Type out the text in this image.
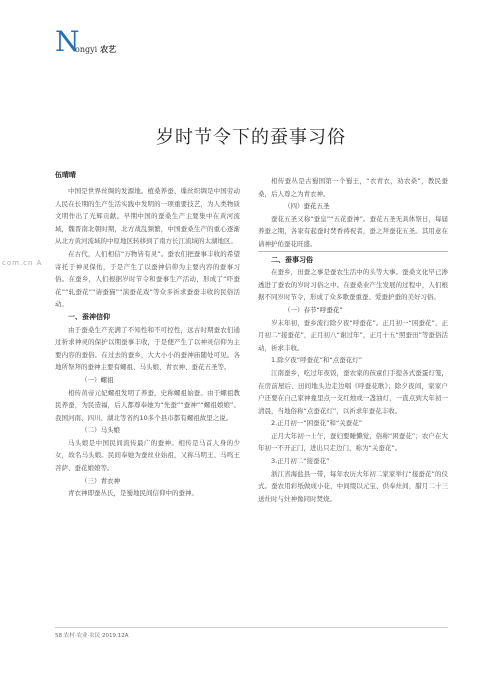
N
ongyi 农艺
岁时节令下的蚕事习俗
伍晴晴
com.cn A

中国是世界丝绸的发源地。植桑养蚕、缫丝织绸是中国劳动人民在长期的生产生活实践中发明的一项重要技艺，为人类物质文明作出了光辉贡献。早期中国的蚕桑生产主要集中在黄河流域，魏晋南北朝时期，北方战乱频繁，中国蚕桑生产的重心逐渐从北方黄河流域的中原地区转移到了南方长江流域的太湖地区。

在古代，人们相信“万物皆有灵”。蚕农们把蚕事丰收的希望寄托于神灵保佑，于是产生了以蚕神信仰为主要内容的蚕事习俗。在蚕乡，人们根据岁时节令和蚕事生产活动，形成了“吓蚕花”“轧蚕花”“请蚕猫”“演蚕花戏”等众多祈求蚕蚕丰收的民俗活动。

一、蚕神信仰

由于蚕桑生产充满了不知性和不可控性，远古时期蚕农们通过祈求神灵的保护以期蚕事丰收，于是便产生了以神灵信仰为主要内容的蚕俗。在过去的蚕乡，大大小小的蚕神庙随处可见。各地所祭拜的蚕神主要有螺祖、马头娘、青衣神、蚕花五圣等。

（一）螺祖

相传黄帝元妃螺祖发明了养蚕，史称螺祖始蚕。由于螺祖教民养蚕，为民造福，后人都尊奉她为“先蚕”“蚕神”“螺祖娘娘”。我国河南、四川、湖北等省约10多个县市都有螺祖故里之说。

（二）马头娘

马头娘是中国民间流传最广的蚕神。相传是马首人身的少女，故名马头娘。民间奉她为蚕丝业始祖，又称马明王、马鸣王菩萨、蚕花娘娘等。

（三）青衣神

青衣神即蚕丛氏，是蜀地民间信仰中的蚕神。

相传蚕丛是古蜀国第一个蜀王，“衣青衣，劝农桑”，教民蚕桑，后人尊之为青衣神。

（四）蚕花五圣

蚕花五圣又称“蚕皇”“五花蚕神”。蚕花五圣无具体祭日，每届养蚕之期，各家有起蚕时焚香祷祝者，蚕之拜蚕花五圣。其用意在请神护佑蚕花旺盛。

二、蚕事习俗

在蚕乡，田蚕之事是蚕农生活中的头等大事。蚕桑文化早已渗透进了蚕农的岁时习俗之中。在蚕桑业产生发展的过程中，人们根据不同岁时节令，形成了众多歌蚕重蚕、爱蚕护蚕的美好习俗。

（一）春节“呼蚕花”

岁末年初，蚕乡流行除夕夜“呼蚕花”。正月初一“困蚕花”，正月初二“接蚕花”，正月初八“谢过年”，正月十五“照蚕田”等蚕俗活动，祈求丰收。

1.除夕夜“呼蚕花”和“点蚕花灯”

江南蚕乡，吃过年夜饭，蚕农家的孩童们手提各式蚕蛋灯笼，在房前屋后、田间地头边走边唱《呼蚕花歌》；除夕夜间，家家户户还要在自己家神龛里点一支红烛或一盏油灯，一直点到大年初一清晨，当地俗称“点蚕花灯”，以祈求年蚕花丰收。

2.正月初一“困蚕花”和“关蚕花”

正月大年初一上午，蚕妇要睡懒觉，俗称“困蚕花”；农户在大年初一不开正门，进出只走边门，称为“关蚕花”。

3.正月初二“接蚕花”

浙江省海盐县一带，每年农历大年初二家家举行“接蚕花”的仪式。蚕农用彩纸做成小花，中间缀以元宝、供奉灶间，腊月二十三送灶时与灶神像同时焚烧。

58 农村·农业·农民 2019.12A
